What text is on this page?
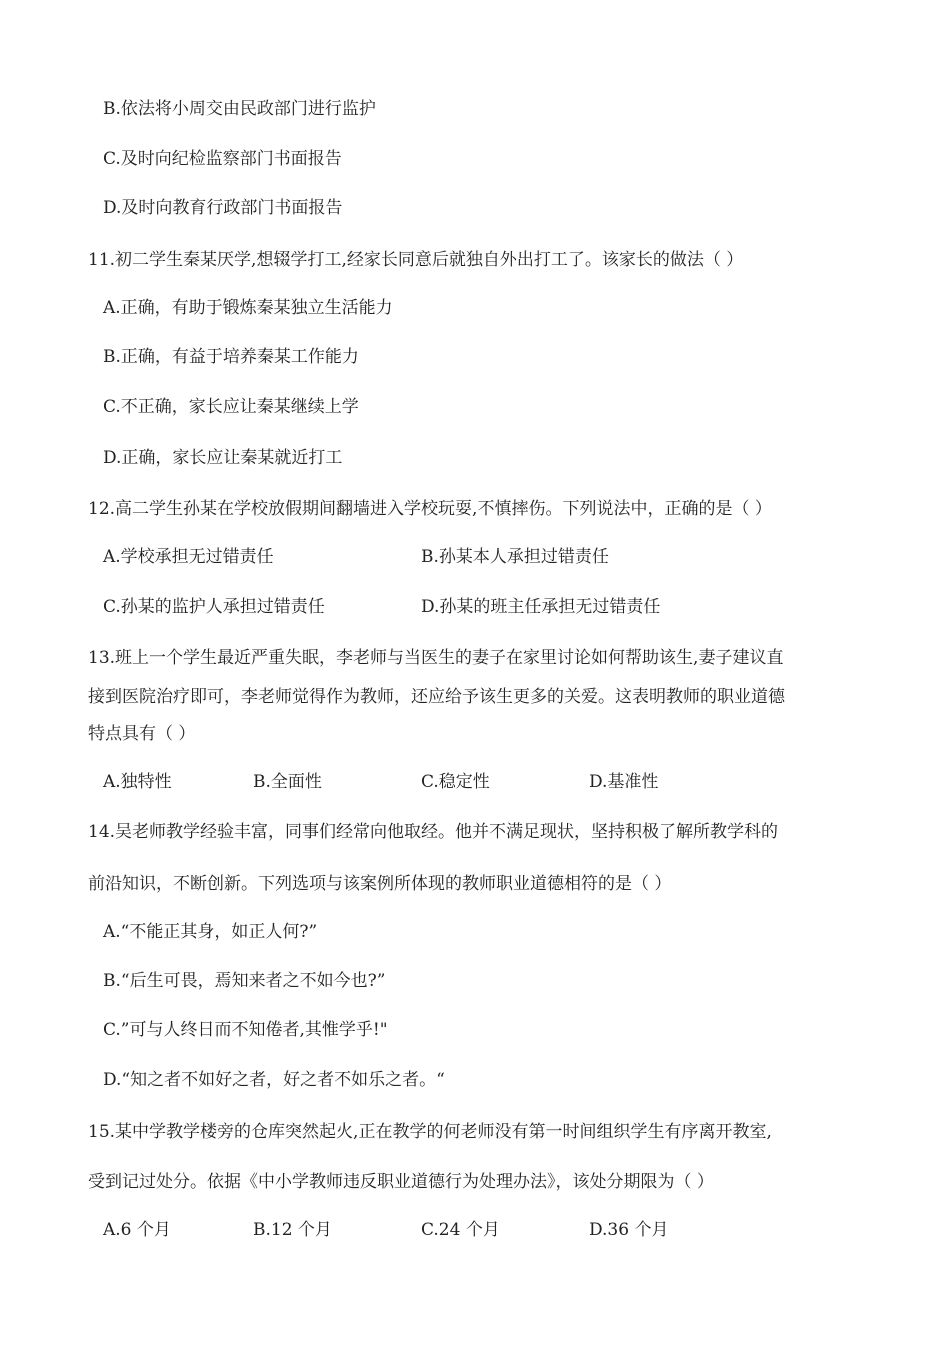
B.依法将小周交由民政部门进行监护
C.及时向纪检监察部门书面报告
D.及时向教育行政部门书面报告
11.初二学生秦某厌学,想辍学打工,经家长同意后就独自外出打工了。该家长的做法（ ）
A.正确，有助于锻炼秦某独立生活能力
B.正确，有益于培养秦某工作能力
C.不正确，家长应让秦某继续上学
D.正确，家长应让秦某就近打工
12.高二学生孙某在学校放假期间翻墙进入学校玩耍,不慎摔伤。下列说法中，正确的是（ ）
A.学校承担无过错责任	B.孙某本人承担过错责任
C.孙某的监护人承担过错责任	D.孙某的班主任承担无过错责任
13.班上一个学生最近严重失眠，李老师与当医生的妻子在家里讨论如何帮助该生,妻子建议直
接到医院治疗即可，李老师觉得作为教师，还应给予该生更多的关爱。这表明教师的职业道德
特点具有（ ）
A.独特性	B.全面性	C.稳定性	D.基准性
14.吴老师教学经验丰富，同事们经常向他取经。他并不满足现状，坚持积极了解所教学科的
前沿知识，不断创新。下列选项与该案例所体现的教师职业道德相符的是（ ）
A.“不能正其身，如正人何?”
B.“后生可畏，焉知来者之不如今也?”
C.”可与人终日而不知倦者,其惟学乎!"
D.“知之者不如好之者，好之者不如乐之者。“
15.某中学教学楼旁的仓库突然起火,正在教学的何老师没有第一时间组织学生有序离开教室,
受到记过处分。依据《中小学教师违反职业道德行为处理办法》，该处分期限为（ ）
A.6 个月	B.12 个月	C.24 个月	D.36 个月
